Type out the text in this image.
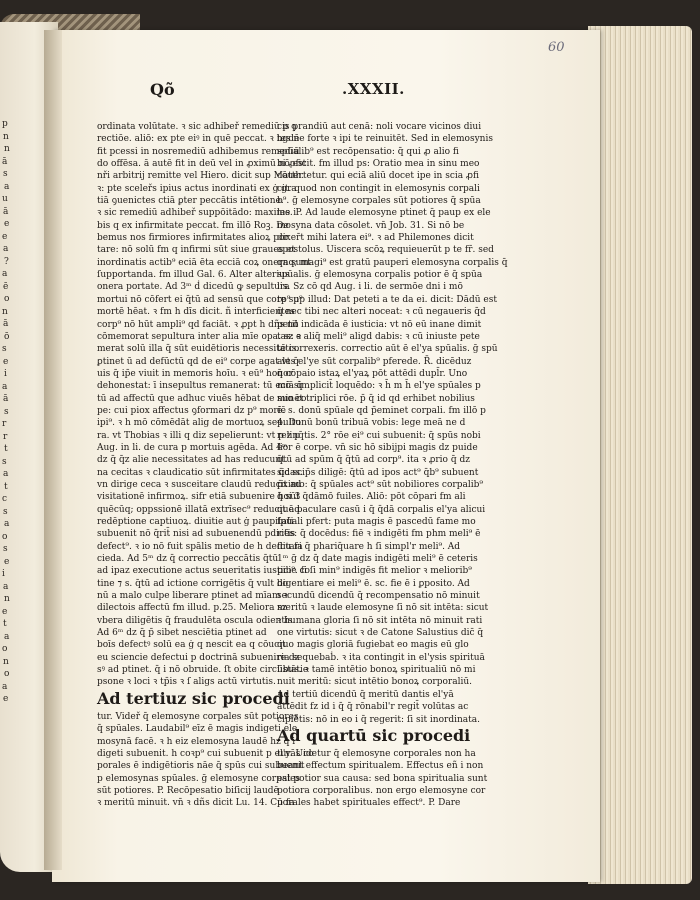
p
n
n
ā
s
a
u
ā
e
e
a
?
a
ē
o
n
ā
ō
s
e
i
a
ā
s
r
r
t
s
a
t
c
s
a
o
s
e
i
a
n
e
t
a
o
n
o
a
e
60
Qõ	.XXXII.
ordinata volūtate. ꝛ sic adhibeř remediū p ꝯ
rectiōe. aliō: ex pte eiꝰ in quē peccat. ꝛ hgdē
fit pcessi in nosremediū adhibemus remediū
do offēsa. ā autē fit in deū vel in ꝓximū nō est
nři arbitrij remitte vel Hiero. dicit sup Matth.
ꝛ: pte sceleřs ipius actus inordinati ex ġ gra
tiā ꝯuenictes ctiā ꝑter peccātis intētione.
ꝛ sic remediū adhibeř suppōitādo: maxime i
bis q ex infirmitate peccat. fm illō Roꝫ. De
bemus nos firmiores infirmitates alioꝝ por
tare: nō solū fm q infirmi sūt siue graues et
inordinatis actib⁹ eciā ēta ecciā coꝝ onera sunt
ſupportanda. fm illud Gal. 6. Alter alterius
onera portate. Ad 3ᵐ ḋ dicedū ꝙ sepultura
mortui nō cōfert ei q̄tū ad sensū que corp⁹ p⁹
mortē hēat. ꝛ fm h dīs dicit. ñ interficientes
corp⁹ nō hūt ampli⁹ qd faciāt. ꝛ ꝓpt h dñs nō
cōmemorat sepultura inter alia mīe opa. sz e
merat solū illa q̄ sūt euidētioris necessitatis.
ꝑtinet ū ad defūctū qd de ei⁹ corpe agat vt q̄
uis q̄ ip̄e viuit in memoris hoīu. ꝛ eū⁹ honor
dehonestat: ī insepultus remanerat: tū eciā q̄
tū ad affectū que adhuc viuēs hēbat de suo co
pe: cui piox affectus ꝯformari dz p⁹ moriē
ipi⁹. ꝛ h mō cōmēdāt alig de mortuoꝝ sepultu
ra. vt Thobias ꝛ illi q diz sepelierunt: vt p z p
Aug. in li. de cura p mortuis agēda. Ad 4ᵐ
dz q̄ q̄z alie necessitates ad has reducunt.
na cecitas ꝛ claudicatio sūt infirmitates q̄das.
vn dirige ceca ꝛ susceitare claudū reducit ad
visitationē infirmoꝝ. sifr etiā subuenire hoi 3
quēcūq; oppssionē illatā extrīsec⁹ reducit ad
redēptione captiuoꝝ. diuitie aut ġ paupitati
subuenit nō q̄rit̄ nisi ad subuenendū pdictis
defect⁹. ꝛ io nō fuit spālis metio de h defcu fa
cieda. Ad 5ᵐ dz q̄ correctio peccātis q̄tū
ad ipaz executione actus seueritatis iusticie co
tine ⁊ s. q̄tū ad ictione corrigētis q̄ vult bo
nū a malo culpe liberare ptinet ad mīam ꝛ
dilectois affectū fm illud. p.25. Meliora sz
vbera diligētis q̄ fraudulēta oscula odientis.
Ad 6ᵐ dz q̄ p̄ sibet nesciētia ptinet ad
boīs defectꝰ solū ea ġ q nescit ea q cōucit
eu sciencie defectui p doctrinā subuenire dz
sꝰ ad ptinet. q̄ i nō obruide. ſt obite circūstātie
psone ꝛ loci ꝛ tp̄is ꝛ ſ aligs actū virtutis.
Ad tertiuz sic procedi
tur. Videř q̄ elemosyne corpales sūt potiores
q̄ spūales. Laudabil⁹ eīz ē magis indigeti ele
mosynā facē. ꝛ h eiz elemosyna laudē hz q̄ i
digeti subuenit. h coꝛp⁹ cui subuenit p el'yās co
porales ē indigētioris nāe q̄ spūs cui subuenit
p elemosynas spūales. ḡ elemosyne corpales
sūt potiores. P. Recōpesatio biſicij laudē
ꝛ meritū minuit. vn̄ ꝛ dñs dicit Lu. 14. Cū fa
cis prandiū aut cenā: noli vocare vicinos diui
tes ne forte ꝛ ipi te reinuitēt. Sed in elemosynis
spūalib⁹ est recōpensatio: q̄ qui ꝓ alio fi
bi ꝓficit. fm illud ps: Oratio mea in sinu meo
cōuertetur. qui eciā aliū docet ipe in scia ꝓfi
cit. quod non contingit in elemosynis corpali
b⁹. ḡ elemosyne corpales sūt potiores q̄ spūa
les. P. Ad laude elemosyne ptinet q̄ paup ex ele
mosyna data cōsolet. vn̄ Job. 31. Si nō be
dixer̄t mihi latera ei⁹. ꝛ ad Philemones dicit
apostolus. Uiscera scōꝝ requieuerūt p te fr̄. sed
qnq; magi⁹ est gratū pauperi elemosyna corpalis q̄
spūalis. ḡ elemosyna corpalis potior ē q̄ spūa
lis. Sz cō qd Aug. i li. de sermōe dni i mō
te sup illud: Dat peteti a te da ei. dicit: Dādū est
q̄ nec tibi nec alteri noceat: ꝛ cū negaueris q̄d
petit indicāda ē iusticia: vt nō eū inane dimit
tas: ꝛ aliq̄ meli⁹ aligd dabis: ꝛ cū iniuste pete
tē correxeris. correctio aūt ē el'ya spūalis. ḡ spū
ales el'ye sūt corpalib⁹ pferede. R̄. dicēduz
q̄ cōpaio istaꝝ el'yaꝝ pōt attēdi dupl̄r. Uno
mō simplicit̄ loquēdo: ꝛ h̄ m h̄ el'ye spūales p
minēt triplici rōe. p̄ q̄ id qd erhibet nobilius
ē. s. donū spūale qd p̄eminet corpali. fm illō p
4. Donū bonū tribuā vobis: lege meā ne d
relinq̄tis. 2° rōe ei⁹ cui subuenit: q̄ spūs nobi
lior ē corpe. vn̄ sic hō sibijpi magis dz puide
q̄tū ad spūm q̄ q̄tū ad corp⁹. ita ꝛ ꝓrio q̄ dz
sic scip̄s diligē: q̄tū ad ipos act⁹ q̄b⁹ subuent
p̄ximo: q̄ spūales act⁹ sūt nobiliores corpalib⁹
q̄ sūt q̄dāmō fuiles. Aliō: pōt cōpari fm ali
quē paculare casū i q̄ q̄dā corpalis el'ya alicui
ſpūali pfert: puta magis ē pascedū fame mo
riēs: q̄ docēdus: fiē ꝛ indigēti fm phm meli⁹ ē
ditari q̄ phariq̄uare h ſi simpl'r meli⁹. Ad
1ᵐ ḡ dz q̄ date magis indigēti meli⁹ ē ceteris
pib⁹. ſi ſi min⁹ indigēs fit melior ꝛ meliorib⁹
digentiare ei meli⁹ ē. sc. fie ē i ꝑposito. Ad
secundū dicendū q̄ recompensatio nō minuit
meritū ꝛ laude elemosyne ſi nō sit intēta: sicut
ꝛ humana gloria ſi nō sit intēta nō minuit rati
one virtutis: sicut ꝛ de Catone Salustius dic̄ q̄
quo magis gloriā fugiebat eo magis eū glo
ria sequebaḃ. ꝛ ita contingit in el'ysis spirituā
libus. ꝛ tamē intētio bonoꝝ spiritualiū nō mi
nuit meritū: sicut intētio bonoꝝ corporaliū.
Ad tertiū dicendū q̄ meritū dantis el'yā
attēdit fz id i q̄ q̄ rōnabil'r regi̇t̄ volūtas ac
cipiētis: nō in eo i q̄ regerit: ſi sit inordinata.
Ad quartū sic procedi
tur. Uidetur q̄ elemosyne corporales non ha
beant effectum spiritualem. Effectus eñ i non
est potior sua causa: sed bona spiritualia sunt
potiora corporalibus. non ergo elemosyne cor
porales habet spirituales effect⁹. P. Dare
